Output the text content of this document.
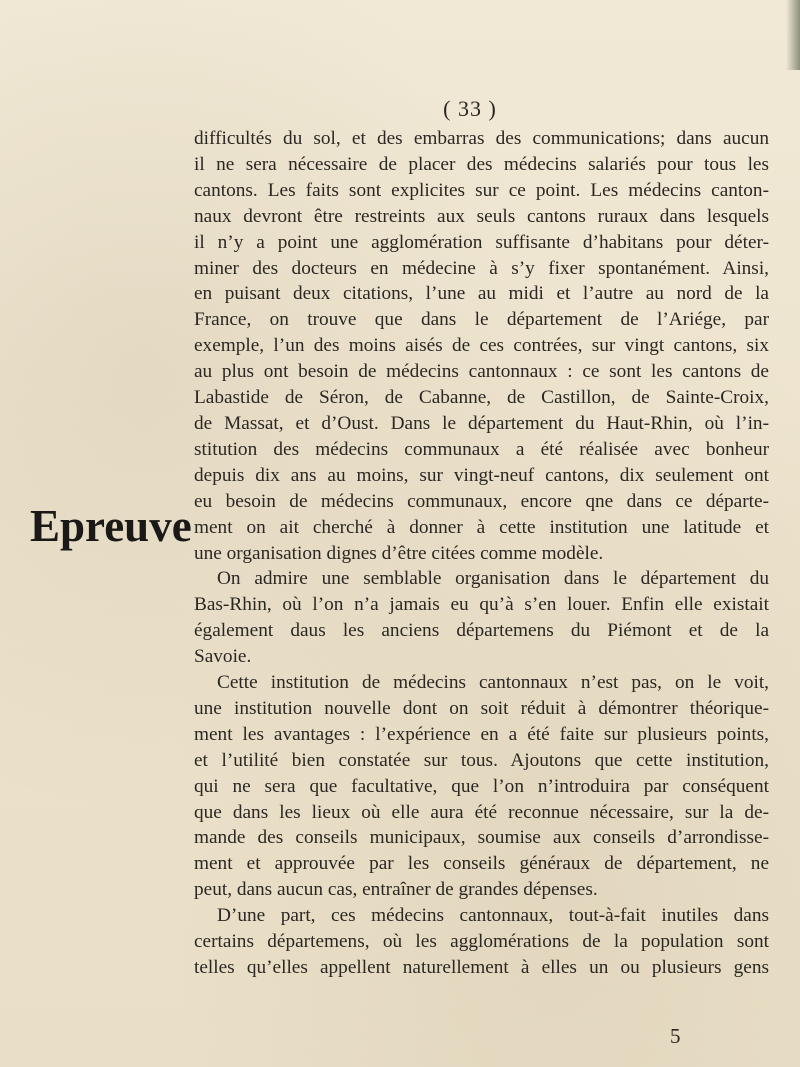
( 33 )
Epreuve
difficultés du sol, et des embarras des communications; dans aucun
il ne sera nécessaire de placer des médecins salariés pour tous les
cantons. Les faits sont explicites sur ce point. Les médecins canton-
naux devront être restreints aux seuls cantons ruraux dans lesquels
il n’y a point une agglomération suffisante d’habitans pour déter-
miner des docteurs en médecine à s’y fixer spontanément. Ainsi,
en puisant deux citations, l’une au midi et l’autre au nord de la
France, on trouve que dans le département de l’Ariége, par
exemple, l’un des moins aisés de ces contrées, sur vingt cantons, six
au plus ont besoin de médecins cantonnaux : ce sont les cantons de
Labastide de Séron, de Cabanne, de Castillon, de Sainte-Croix,
de Massat, et d’Oust. Dans le département du Haut-Rhin, où l’in-
stitution des médecins communaux a été réalisée avec bonheur
depuis dix ans au moins, sur vingt-neuf cantons, dix seulement ont
eu besoin de médecins communaux, encore qne dans ce départe-
ment on ait cherché à donner à cette institution une latitude et
une organisation dignes d’être citées comme modèle.
On admire une semblable organisation dans le département du
Bas-Rhin, où l’on n’a jamais eu qu’à s’en louer. Enfin elle existait
également daus les anciens départemens du Piémont et de la
Savoie.
Cette institution de médecins cantonnaux n’est pas, on le voit,
une institution nouvelle dont on soit réduit à démontrer théorique-
ment les avantages : l’expérience en a été faite sur plusieurs points,
et l’utilité bien constatée sur tous. Ajoutons que cette institution,
qui ne sera que facultative, que l’on n’introduira par conséquent
que dans les lieux où elle aura été reconnue nécessaire, sur la de-
mande des conseils municipaux, soumise aux conseils d’arrondisse-
ment et approuvée par les conseils généraux de département, ne
peut, dans aucun cas, entraîner de grandes dépenses.
D’une part, ces médecins cantonnaux, tout-à-fait inutiles dans
certains départemens, où les agglomérations de la population sont
telles qu’elles appellent naturellement à elles un ou plusieurs gens
5
